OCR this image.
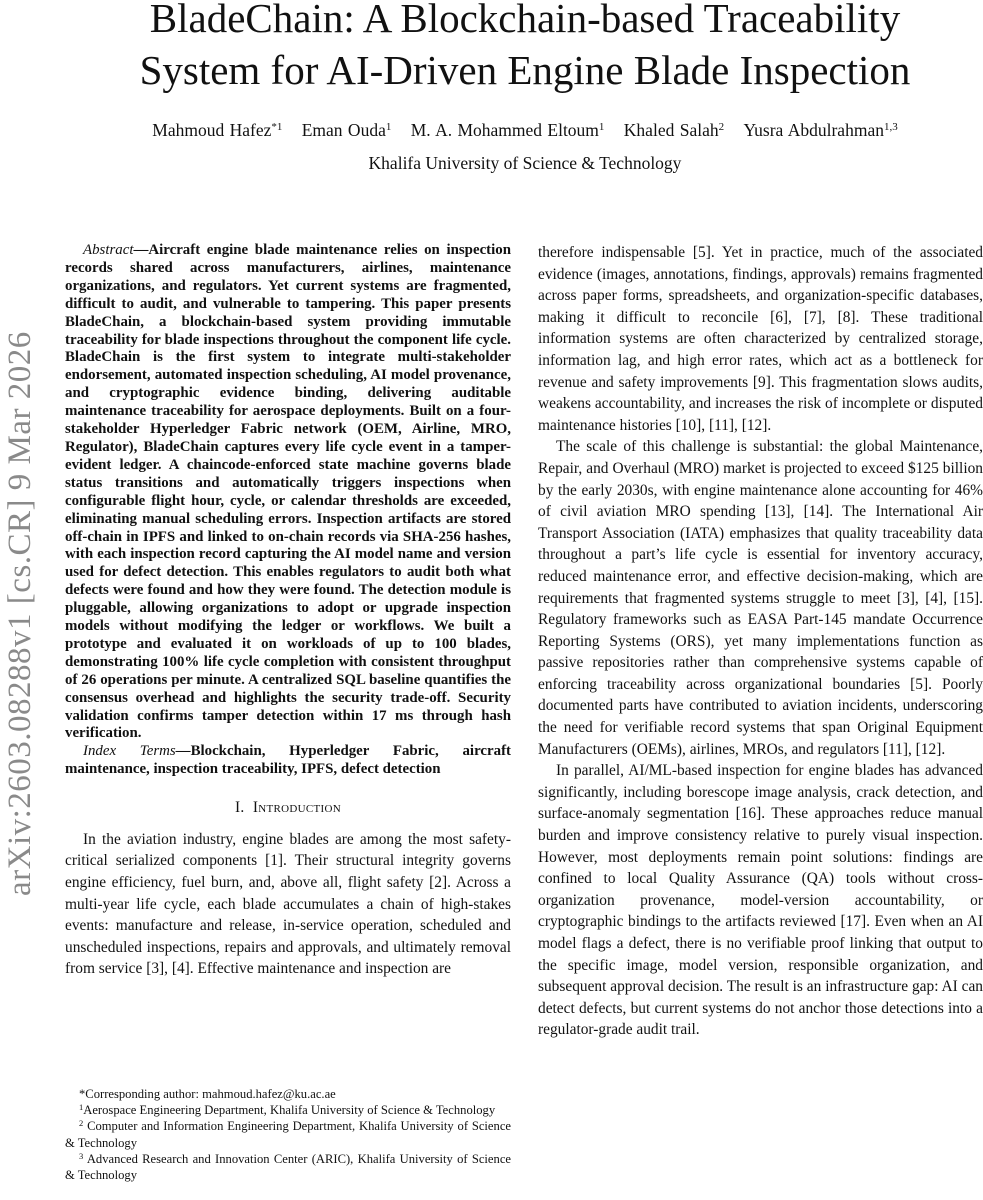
BladeChain: A Blockchain-based Traceability
System for AI-Driven Engine Blade Inspection
Mahmoud Hafez$^{*1}$ Eman Ouda$^1$ M. A. Mohammed Eltoum$^1$ Khaled Salah$^2$ Yusra Abdulrahman$^{1,3}$
Khalifa University of Science & Technology
arXiv:2603.08288v1 [cs.CR] 9 Mar 2026

Abstract—Aircraft engine blade maintenance relies on inspection records shared across manufacturers, airlines, maintenance organizations, and regulators. Yet current systems are fragmented, difficult to audit, and vulnerable to tampering. This paper presents BladeChain, a blockchain-based system providing immutable traceability for blade inspections throughout the component life cycle. BladeChain is the first system to integrate multi-stakeholder endorsement, automated inspection scheduling, AI model provenance, and cryptographic evidence binding, delivering auditable maintenance traceability for aerospace deployments. Built on a four-stakeholder Hyperledger Fabric network (OEM, Airline, MRO, Regulator), BladeChain captures every life cycle event in a tamper-evident ledger. A chaincode-enforced state machine governs blade status transitions and automatically triggers inspections when configurable flight hour, cycle, or calendar thresholds are exceeded, eliminating manual scheduling errors. Inspection artifacts are stored off-chain in IPFS and linked to on-chain records via SHA-256 hashes, with each inspection record capturing the AI model name and version used for defect detection. This enables regulators to audit both what defects were found and how they were found. The detection module is pluggable, allowing organizations to adopt or upgrade inspection models without modifying the ledger or workflows. We built a prototype and evaluated it on workloads of up to 100 blades, demonstrating 100% life cycle completion with consistent throughput of 26 operations per minute. A centralized SQL baseline quantifies the consensus overhead and highlights the security trade-off. Security validation confirms tamper detection within 17 ms through hash verification.

Index Terms—Blockchain, Hyperledger Fabric, aircraft maintenance, inspection traceability, IPFS, defect detection

I. Introduction

In the aviation industry, engine blades are among the most safety-critical serialized components [1]. Their structural integrity governs engine efficiency, fuel burn, and, above all, flight safety [2]. Across a multi-year life cycle, each blade accumulates a chain of high-stakes events: manufacture and release, in-service operation, scheduled and unscheduled inspections, repairs and approvals, and ultimately removal from service [3], [4]. Effective maintenance and inspection are

*Corresponding author: mahmoud.hafez@ku.ac.ae

$^1$Aerospace Engineering Department, Khalifa University of Science & Technology

$^2$ Computer and Information Engineering Department, Khalifa University of Science & Technology

$^3$ Advanced Research and Innovation Center (ARIC), Khalifa University of Science & Technology

therefore indispensable [5]. Yet in practice, much of the associated evidence (images, annotations, findings, approvals) remains fragmented across paper forms, spreadsheets, and organization-specific databases, making it difficult to reconcile [6], [7], [8]. These traditional information systems are often characterized by centralized storage, information lag, and high error rates, which act as a bottleneck for revenue and safety improvements [9]. This fragmentation slows audits, weakens accountability, and increases the risk of incomplete or disputed maintenance histories [10], [11], [12].

The scale of this challenge is substantial: the global Maintenance, Repair, and Overhaul (MRO) market is projected to exceed $125 billion by the early 2030s, with engine maintenance alone accounting for 46% of civil aviation MRO spending [13], [14]. The International Air Transport Association (IATA) emphasizes that quality traceability data throughout a part’s life cycle is essential for inventory accuracy, reduced maintenance error, and effective decision-making, which are requirements that fragmented systems struggle to meet [3], [4], [15]. Regulatory frameworks such as EASA Part-145 mandate Occurrence Reporting Systems (ORS), yet many implementations function as passive repositories rather than comprehensive systems capable of enforcing traceability across organizational boundaries [5]. Poorly documented parts have contributed to aviation incidents, underscoring the need for verifiable record systems that span Original Equipment Manufacturers (OEMs), airlines, MROs, and regulators [11], [12].

In parallel, AI/ML-based inspection for engine blades has advanced significantly, including borescope image analysis, crack detection, and surface-anomaly segmentation [16]. These approaches reduce manual burden and improve consistency relative to purely visual inspection. However, most deployments remain point solutions: findings are confined to local Quality Assurance (QA) tools without cross-organization provenance, model-version accountability, or cryptographic bindings to the artifacts reviewed [17]. Even when an AI model flags a defect, there is no verifiable proof linking that output to the specific image, model version, responsible organization, and subsequent approval decision. The result is an infrastructure gap: AI can detect defects, but current systems do not anchor those detections into a regulator-grade audit trail.
